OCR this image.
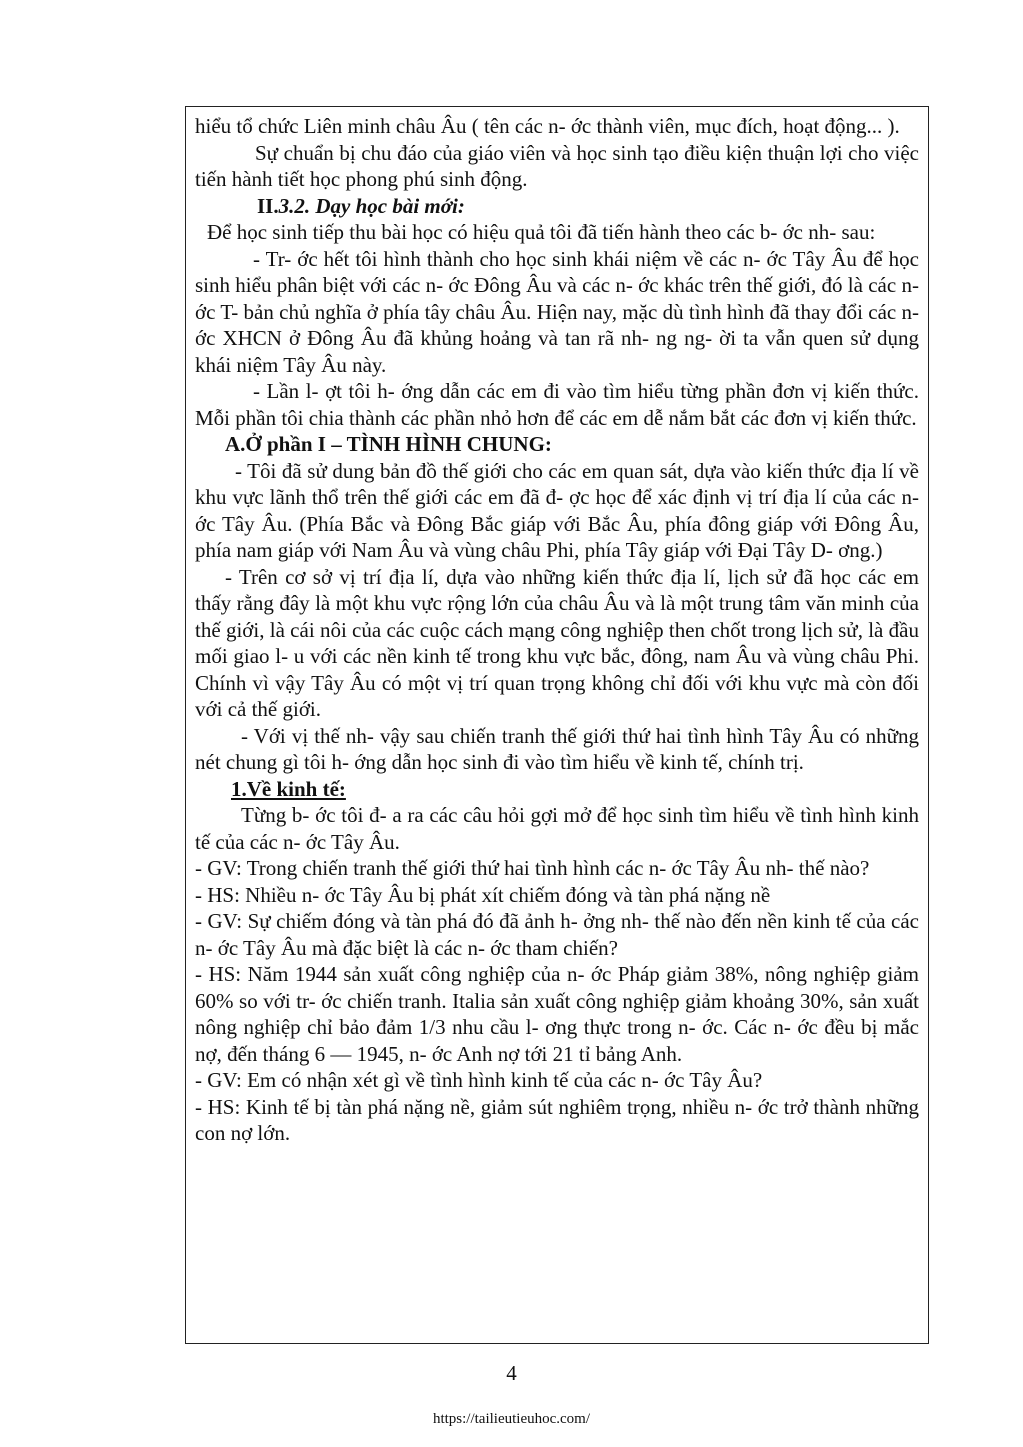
hiểu tổ chức Liên minh châu Âu ( tên các n- ớc thành viên, mục đích, hoạt động... ).

Sự chuẩn bị chu đáo của giáo viên và học sinh tạo điều kiện thuận lợi cho việc tiến hành tiết học phong phú sinh động.

II.3.2. Dạy học bài mới:

Để học sinh tiếp thu bài học có hiệu quả tôi đã tiến hành theo các b- ớc nh- sau:

- Tr- ớc hết tôi hình thành cho học sinh khái niệm về các n- ớc Tây Âu để học sinh hiểu phân biệt với các n- ớc Đông Âu và các n- ớc khác trên thế giới, đó là các n- ớc T- bản chủ nghĩa ở phía tây châu Âu. Hiện nay, mặc dù tình hình đã thay đổi các n- ớc XHCN ở Đông Âu đã khủng hoảng và tan rã nh- ng ng- ời ta vẫn quen sử dụng khái niệm Tây Âu này.

- Lần l- ợt tôi h- ớng dẫn các em đi vào tìm hiểu từng phần đơn vị kiến thức. Mỗi phần tôi chia thành các phần nhỏ hơn để các em dễ nắm bắt các đơn vị kiến thức.

A.Ở phần I – TÌNH HÌNH CHUNG:

- Tôi đã sử dung bản đồ thế giới cho các em quan sát, dựa vào kiến thức địa lí về khu vực lãnh thổ trên thế giới các em đã đ- ợc học để xác định vị trí địa lí của các n- ớc Tây Âu. (Phía Bắc và Đông Bắc giáp với Bắc Âu, phía đông giáp với Đông Âu, phía nam giáp với Nam Âu và vùng châu Phi, phía Tây giáp với Đại Tây D- ơng.)

- Trên cơ sở vị trí địa lí, dựa vào những kiến thức địa lí, lịch sử đã học các em thấy rằng đây là một khu vực rộng lớn của châu Âu và là một trung tâm văn minh của thế giới, là cái nôi của các cuộc cách mạng công nghiệp then chốt trong lịch sử, là đầu mối giao l- u với các nền kinh tế trong khu vực bắc, đông, nam Âu và vùng châu Phi. Chính vì vậy Tây Âu có một vị trí quan trọng không chỉ đối với khu vực mà còn đối với cả thế giới.

- Với vị thế nh- vậy sau chiến tranh thế giới thứ hai tình hình Tây Âu có những nét chung gì tôi h- ớng dẫn học sinh đi vào tìm hiểu về kinh tế, chính trị.

1.Về kinh tế:

Từng b- ớc tôi đ- a ra các câu hỏi gợi mở để học sinh tìm hiểu về tình hình kinh tế của các n- ớc Tây Âu.

- GV: Trong chiến tranh thế giới thứ hai tình hình các n- ớc Tây Âu nh- thế nào?

- HS: Nhiều n- ớc Tây Âu bị phát xít chiếm đóng và tàn phá nặng nề

- GV: Sự chiếm đóng và tàn phá đó đã ảnh h- ởng nh- thế nào đến nền kinh tế của các n- ớc Tây Âu mà đặc biệt là các n- ớc tham chiến?

- HS: Năm 1944 sản xuất công nghiệp của n- ớc Pháp giảm 38%, nông nghiệp giảm 60% so với tr- ớc chiến tranh. Italia sản xuất công nghiệp giảm khoảng 30%, sản xuất nông nghiệp chỉ bảo đảm 1/3 nhu cầu l- ơng thực trong n- ớc. Các n- ớc đều bị mắc nợ, đến tháng 6 — 1945, n- ớc Anh nợ tới 21 tỉ bảng Anh.

- GV: Em có nhận xét gì về tình hình kinh tế của các n- ớc Tây Âu?

- HS: Kinh tế bị tàn phá nặng nề, giảm sút nghiêm trọng, nhiều n- ớc trở thành những con nợ lớn.

4
https://tailieutieuhoc.com/
